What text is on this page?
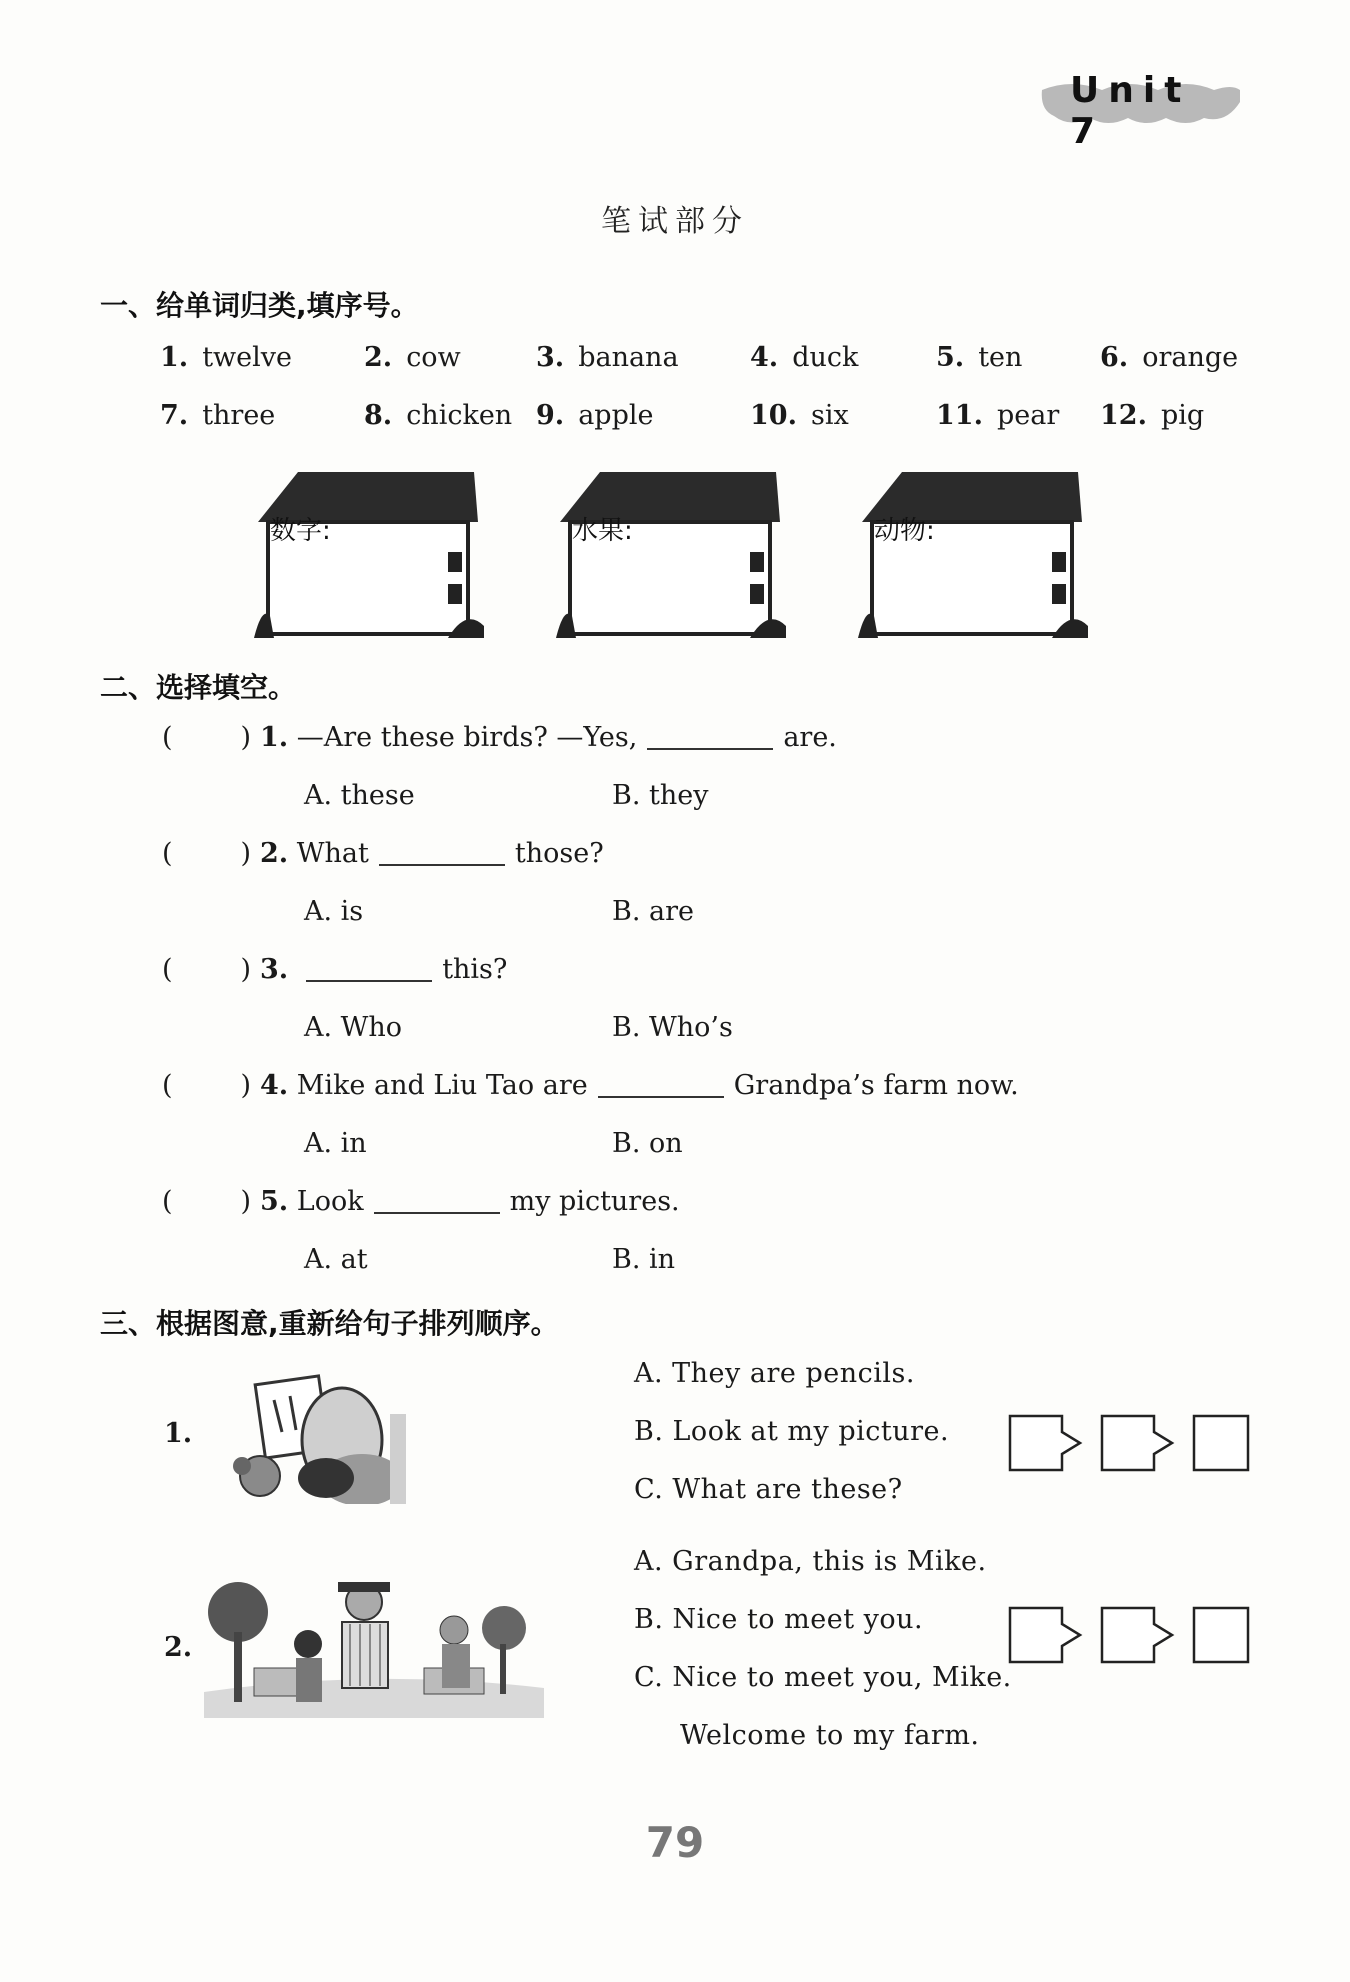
Unit 7
笔试部分
一、给单词归类,填序号。
1. twelve	2. cow	3. banana	4. duck	5. ten	6. orange
7. three	8. chicken 9. apple	10. six	11. pear 12. pig
数字:	水果:	动物:
二、选择填空。
(	) 1. —Are these birds? —Yes,	are.
A. these	B. they
(	) 2. What	those?
A. is	B. are
(	) 3.	this?
A. Who	B. Who’s
(	) 4. Mike and Liu Tao are	Grandpa’s farm now.
A. in	B. on
(	) 5. Look	my pictures.
A. at	B. in
三、根据图意,重新给句子排列顺序。
1.
A. They are pencils.
B. Look at my picture.
C. What are these?
2.
A. Grandpa, this is Mike.
B. Nice to meet you.
C. Nice to meet you, Mike.
Welcome to my farm.
79
